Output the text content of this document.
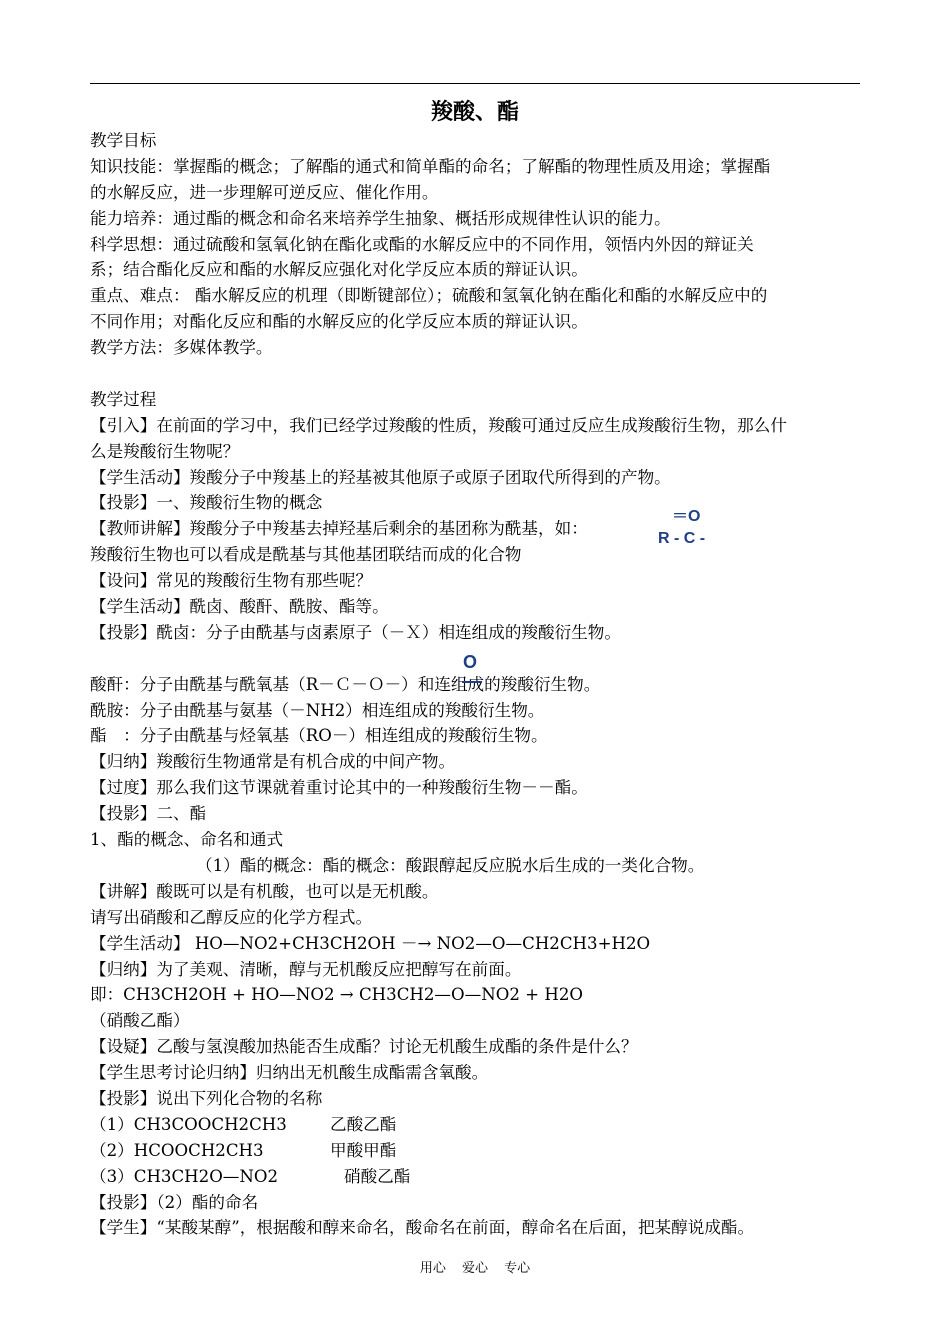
羧酸、酯
教学目标
知识技能：掌握酯的概念；了解酯的通式和简单酯的命名；了解酯的物理性质及用途；掌握酯
的水解反应，进一步理解可逆反应、催化作用。
能力培养：通过酯的概念和命名来培养学生抽象、概括形成规律性认识的能力。
科学思想：通过硫酸和氢氧化钠在酯化或酯的水解反应中的不同作用，领悟内外因的辩证关
系；结合酯化反应和酯的水解反应强化对化学反应本质的辩证认识。
重点、难点： 酯水解反应的机理（即断键部位）；硫酸和氢氧化钠在酯化和酯的水解反应中的
不同作用；对酯化反应和酯的水解反应的化学反应本质的辩证认识。
教学方法：多媒体教学。
教学过程
【引入】在前面的学习中，我们已经学过羧酸的性质，羧酸可通过反应生成羧酸衍生物，那么什
么是羧酸衍生物呢？
【学生活动】羧酸分子中羧基上的羟基被其他原子或原子团取代所得到的产物。
【投影】一、羧酸衍生物的概念
【教师讲解】羧酸分子中羧基去掉羟基后剩余的基团称为酰基，如：
羧酸衍生物也可以看成是酰基与其他基团联结而成的化合物
【设问】常见的羧酸衍生物有那些呢？
【学生活动】酰卤、酸酐、酰胺、酯等。
【投影】酰卤：分子由酰基与卤素原子（－Ｘ）相连组成的羧酸衍生物。
酸酐：分子由酰基与酰氧基（R－Ｃ－Ｏ－）和连组成的羧酸衍生物。
酰胺：分子由酰基与氨基（－NH2）相连组成的羧酸衍生物。
酯　：分子由酰基与烃氧基（RO－）相连组成的羧酸衍生物。
【归纳】羧酸衍生物通常是有机合成的中间产物。
【过度】那么我们这节课就着重讨论其中的一种羧酸衍生物－－酯。
【投影】二、酯
1、酯的概念、命名和通式
（1）酯的概念：酯的概念：酸跟醇起反应脱水后生成的一类化合物。
【讲解】酸既可以是有机酸，也可以是无机酸。
请写出硝酸和乙醇反应的化学方程式。
【学生活动】 HO—NO2+CH3CH2OH －→ NO2—O—CH2CH3+H2O
【归纳】为了美观、清晰，醇与无机酸反应把醇写在前面。
即：CH3CH2OH + HO—NO2 → CH3CH2—O—NO2 + H2O
（硝酸乙酯）
【设疑】乙酸与氢溴酸加热能否生成酯？讨论无机酸生成酯的条件是什么？
【学生思考讨论归纳】归纳出无机酸生成酯需含氧酸。
【投影】说出下列化合物的名称
（1）CH3COOCH2CH3	乙酸乙酯
（2）HCOOCH2CH3	甲酸甲酯
（3）CH3CH2O—NO2	硝酸乙酯
【投影】（2）酯的命名
【学生】“某酸某醇”，根据酸和醇来命名，酸命名在前面，醇命名在后面，把某醇说成酯。
＝O
R - C -
O
用心 爱心 专心
